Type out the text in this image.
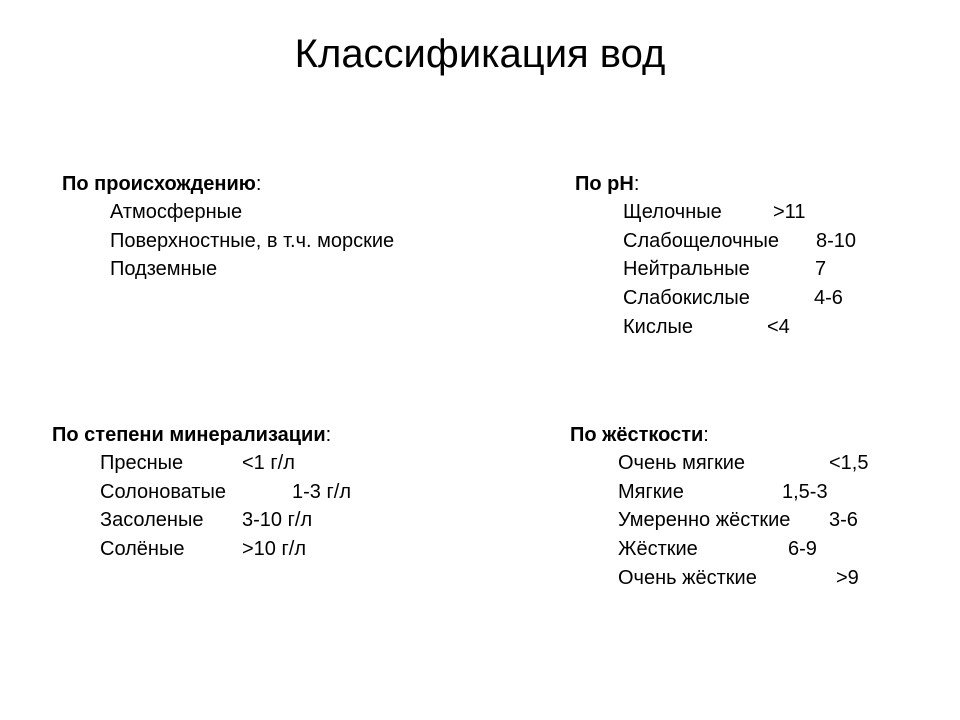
Классификация вод
По происхождению:
Атмосферные
Поверхностные, в т.ч. морские
Подземные
По pH:
Щелочные	>11
Слабощелочные 8-10
Нейтральные	7
Слабокислые	4-6
Кислые	<4
По степени минерализации:
Пресные	<1 г/л
Солоноватые	1-3 г/л
Засоленые 3-10 г/л
Солёные	>10 г/л
По жёсткости:
Очень мягкие	<1,5
Мягкие	1,5-3
Умеренно жёсткие 3-6
Жёсткие	6-9
Очень жёсткие	>9
